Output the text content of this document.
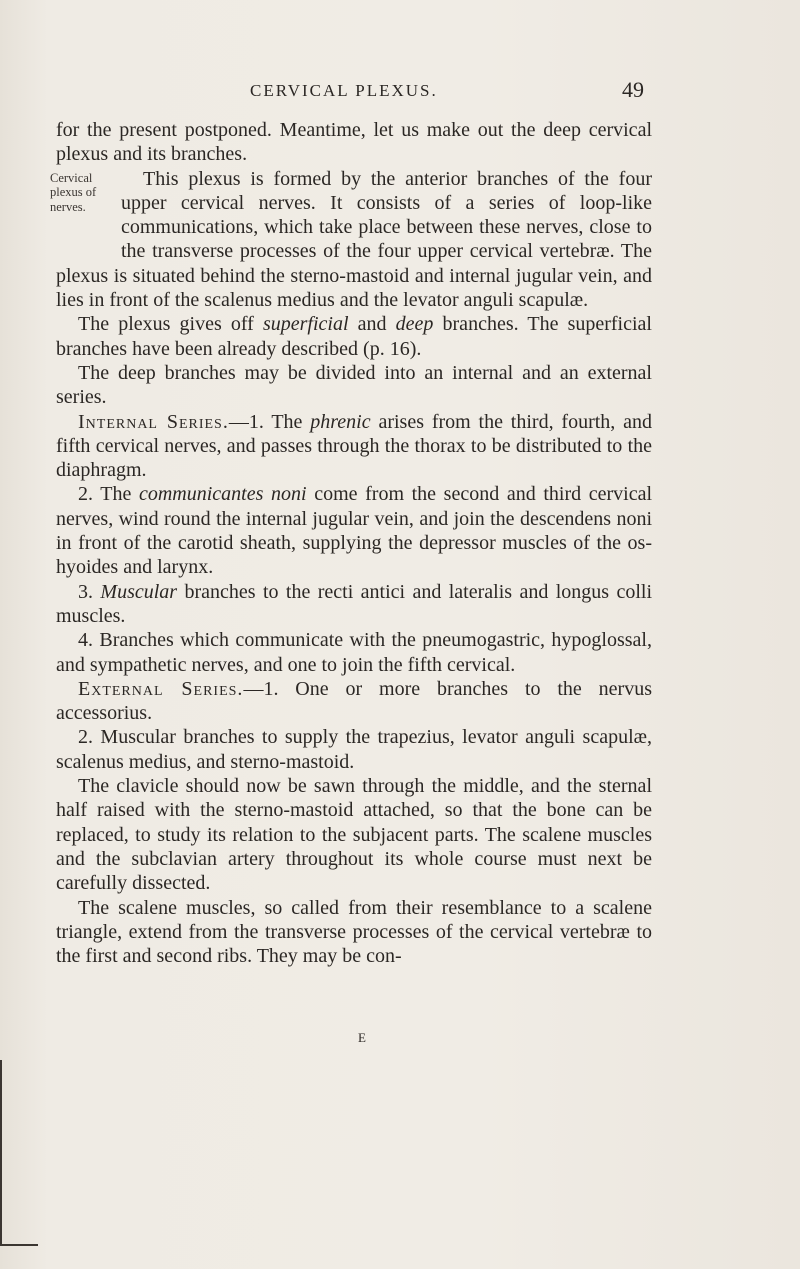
CERVICAL PLEXUS.	49

for the present postponed. Meantime, let us make out the deep cervical plexus and its branches.

Cervical
plexus of
nerves.
This plexus is formed by the anterior branches of the four upper cervical nerves. It consists of a series of loop-like communications, which take place between these nerves, close to the transverse processes of the four upper cervical vertebræ. The plexus is situated behind the sterno-mastoid and internal jugular vein, and lies in front of the scalenus medius and the levator anguli scapulæ.

The plexus gives off superficial and deep branches. The superficial branches have been already described (p. 16).

The deep branches may be divided into an internal and an external series.

Internal Series.—1. The phrenic arises from the third, fourth, and fifth cervical nerves, and passes through the thorax to be distributed to the diaphragm.

2. The communicantes noni come from the second and third cervical nerves, wind round the internal jugular vein, and join the descendens noni in front of the carotid sheath, supplying the depressor muscles of the os-hyoides and larynx.

3. Muscular branches to the recti antici and lateralis and longus colli muscles.

4. Branches which communicate with the pneumogastric, hypoglossal, and sympathetic nerves, and one to join the fifth cervical.

External Series.—1. One or more branches to the nervus accessorius.

2. Muscular branches to supply the trapezius, levator anguli scapulæ, scalenus medius, and sterno-mastoid.

The clavicle should now be sawn through the middle, and the sternal half raised with the sterno-mastoid attached, so that the bone can be replaced, to study its relation to the subjacent parts. The scalene muscles and the subclavian artery throughout its whole course must next be carefully dissected.

The scalene muscles, so called from their resemblance to a scalene triangle, extend from the transverse processes of the cervical vertebræ to the first and second ribs. They may be con-

E
